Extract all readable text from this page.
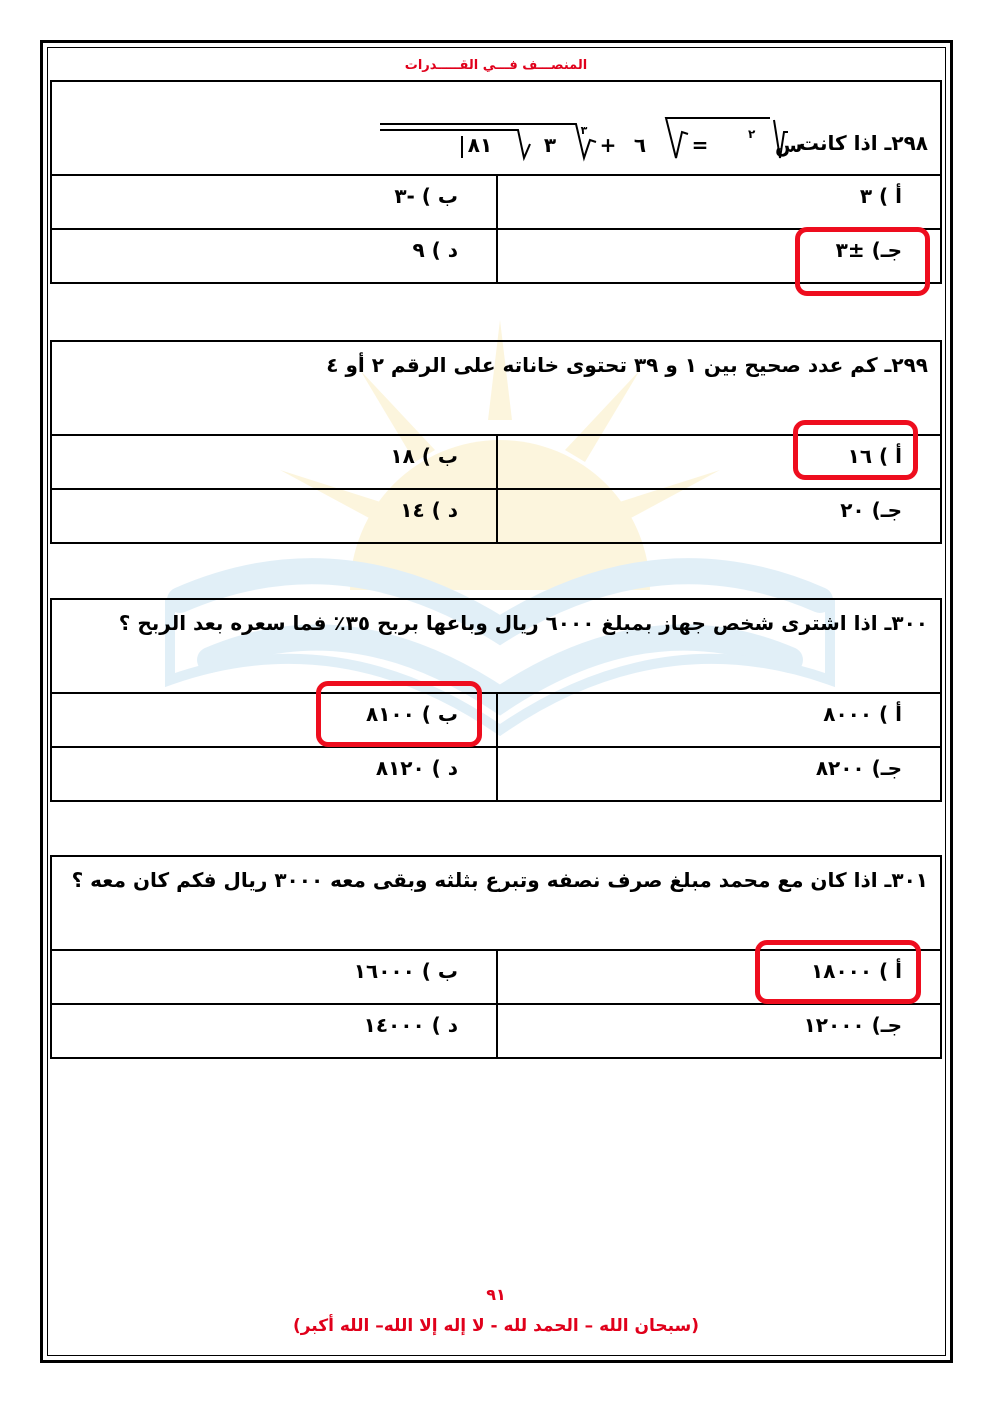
المنصـــف فـــي القـــــدرات
٢٩٨ـ اذا كانت
س
٢
=
٦
+
٣
٣
٨١
أ ) ٣
ب ) -٣
جـ) ±٣
د ) ٩
٢٩٩ـ كم عدد صحيح بين ١ و ٣٩ تحتوى خاناته على الرقم ٢ أو ٤
أ ) ١٦
ب ) ١٨
جـ) ٢٠
د ) ١٤
٣٠٠ـ اذا اشترى شخص جهاز بمبلغ ٦٠٠٠ ريال وباعها بربح ٣٥٪ فما سعره بعد الربح ؟
أ ) ٨٠٠٠
ب ) ٨١٠٠
جـ) ٨٢٠٠
د ) ٨١٢٠
٣٠١ـ اذا كان مع محمد مبلغ صرف نصفه وتبرع بثلثه وبقى معه ٣٠٠٠ ريال فكم كان معه ؟
أ ) ١٨٠٠٠
ب ) ١٦٠٠٠
جـ) ١٢٠٠٠
د ) ١٤٠٠٠
٩١
(سبحان الله – الحمد لله - لا إله إلا الله– الله أكبر)
